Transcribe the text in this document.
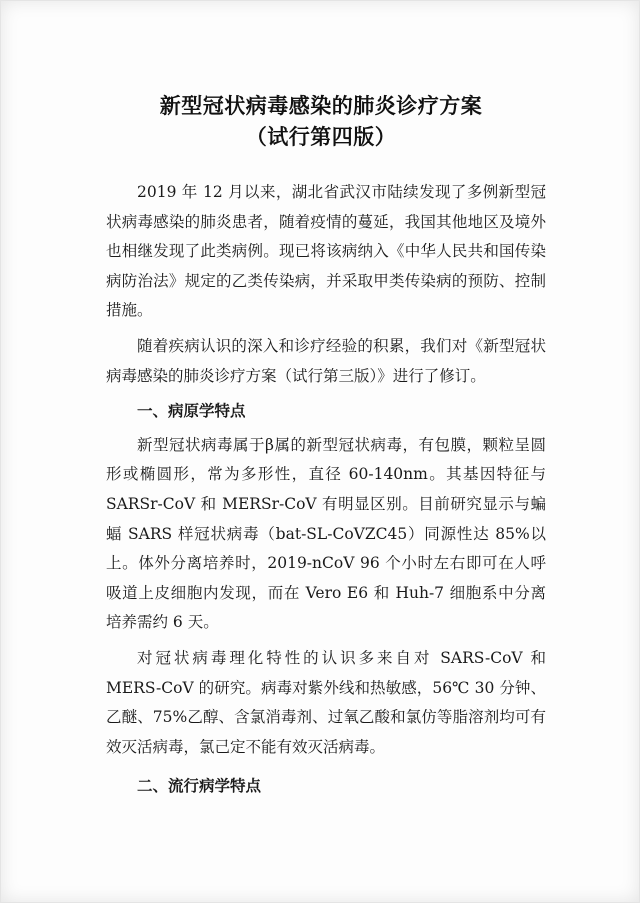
新型冠状病毒感染的肺炎诊疗方案
（试行第四版）

2019 年 12 月以来，湖北省武汉市陆续发现了多例新型冠状病毒感染的肺炎患者，随着疫情的蔓延，我国其他地区及境外也相继发现了此类病例。现已将该病纳入《中华人民共和国传染病防治法》规定的乙类传染病，并采取甲类传染病的预防、控制措施。

随着疾病认识的深入和诊疗经验的积累，我们对《新型冠状病毒感染的肺炎诊疗方案（试行第三版）》进行了修订。

一、病原学特点

新型冠状病毒属于β属的新型冠状病毒，有包膜，颗粒呈圆形或椭圆形，常为多形性，直径 60-140nm。其基因特征与 SARSr-CoV 和 MERSr-CoV 有明显区别。目前研究显示与蝙蝠 SARS 样冠状病毒（bat-SL-CoVZC45）同源性达 85%以上。体外分离培养时，2019-nCoV 96 个小时左右即可在人呼吸道上皮细胞内发现，而在 Vero E6 和 Huh-7 细胞系中分离培养需约 6 天。

对冠状病毒理化特性的认识多来自对 SARS-CoV 和 MERS-CoV 的研究。病毒对紫外线和热敏感，56℃ 30 分钟、乙醚、75%乙醇、含氯消毒剂、过氧乙酸和氯仿等脂溶剂均可有效灭活病毒，氯己定不能有效灭活病毒。

二、流行病学特点
